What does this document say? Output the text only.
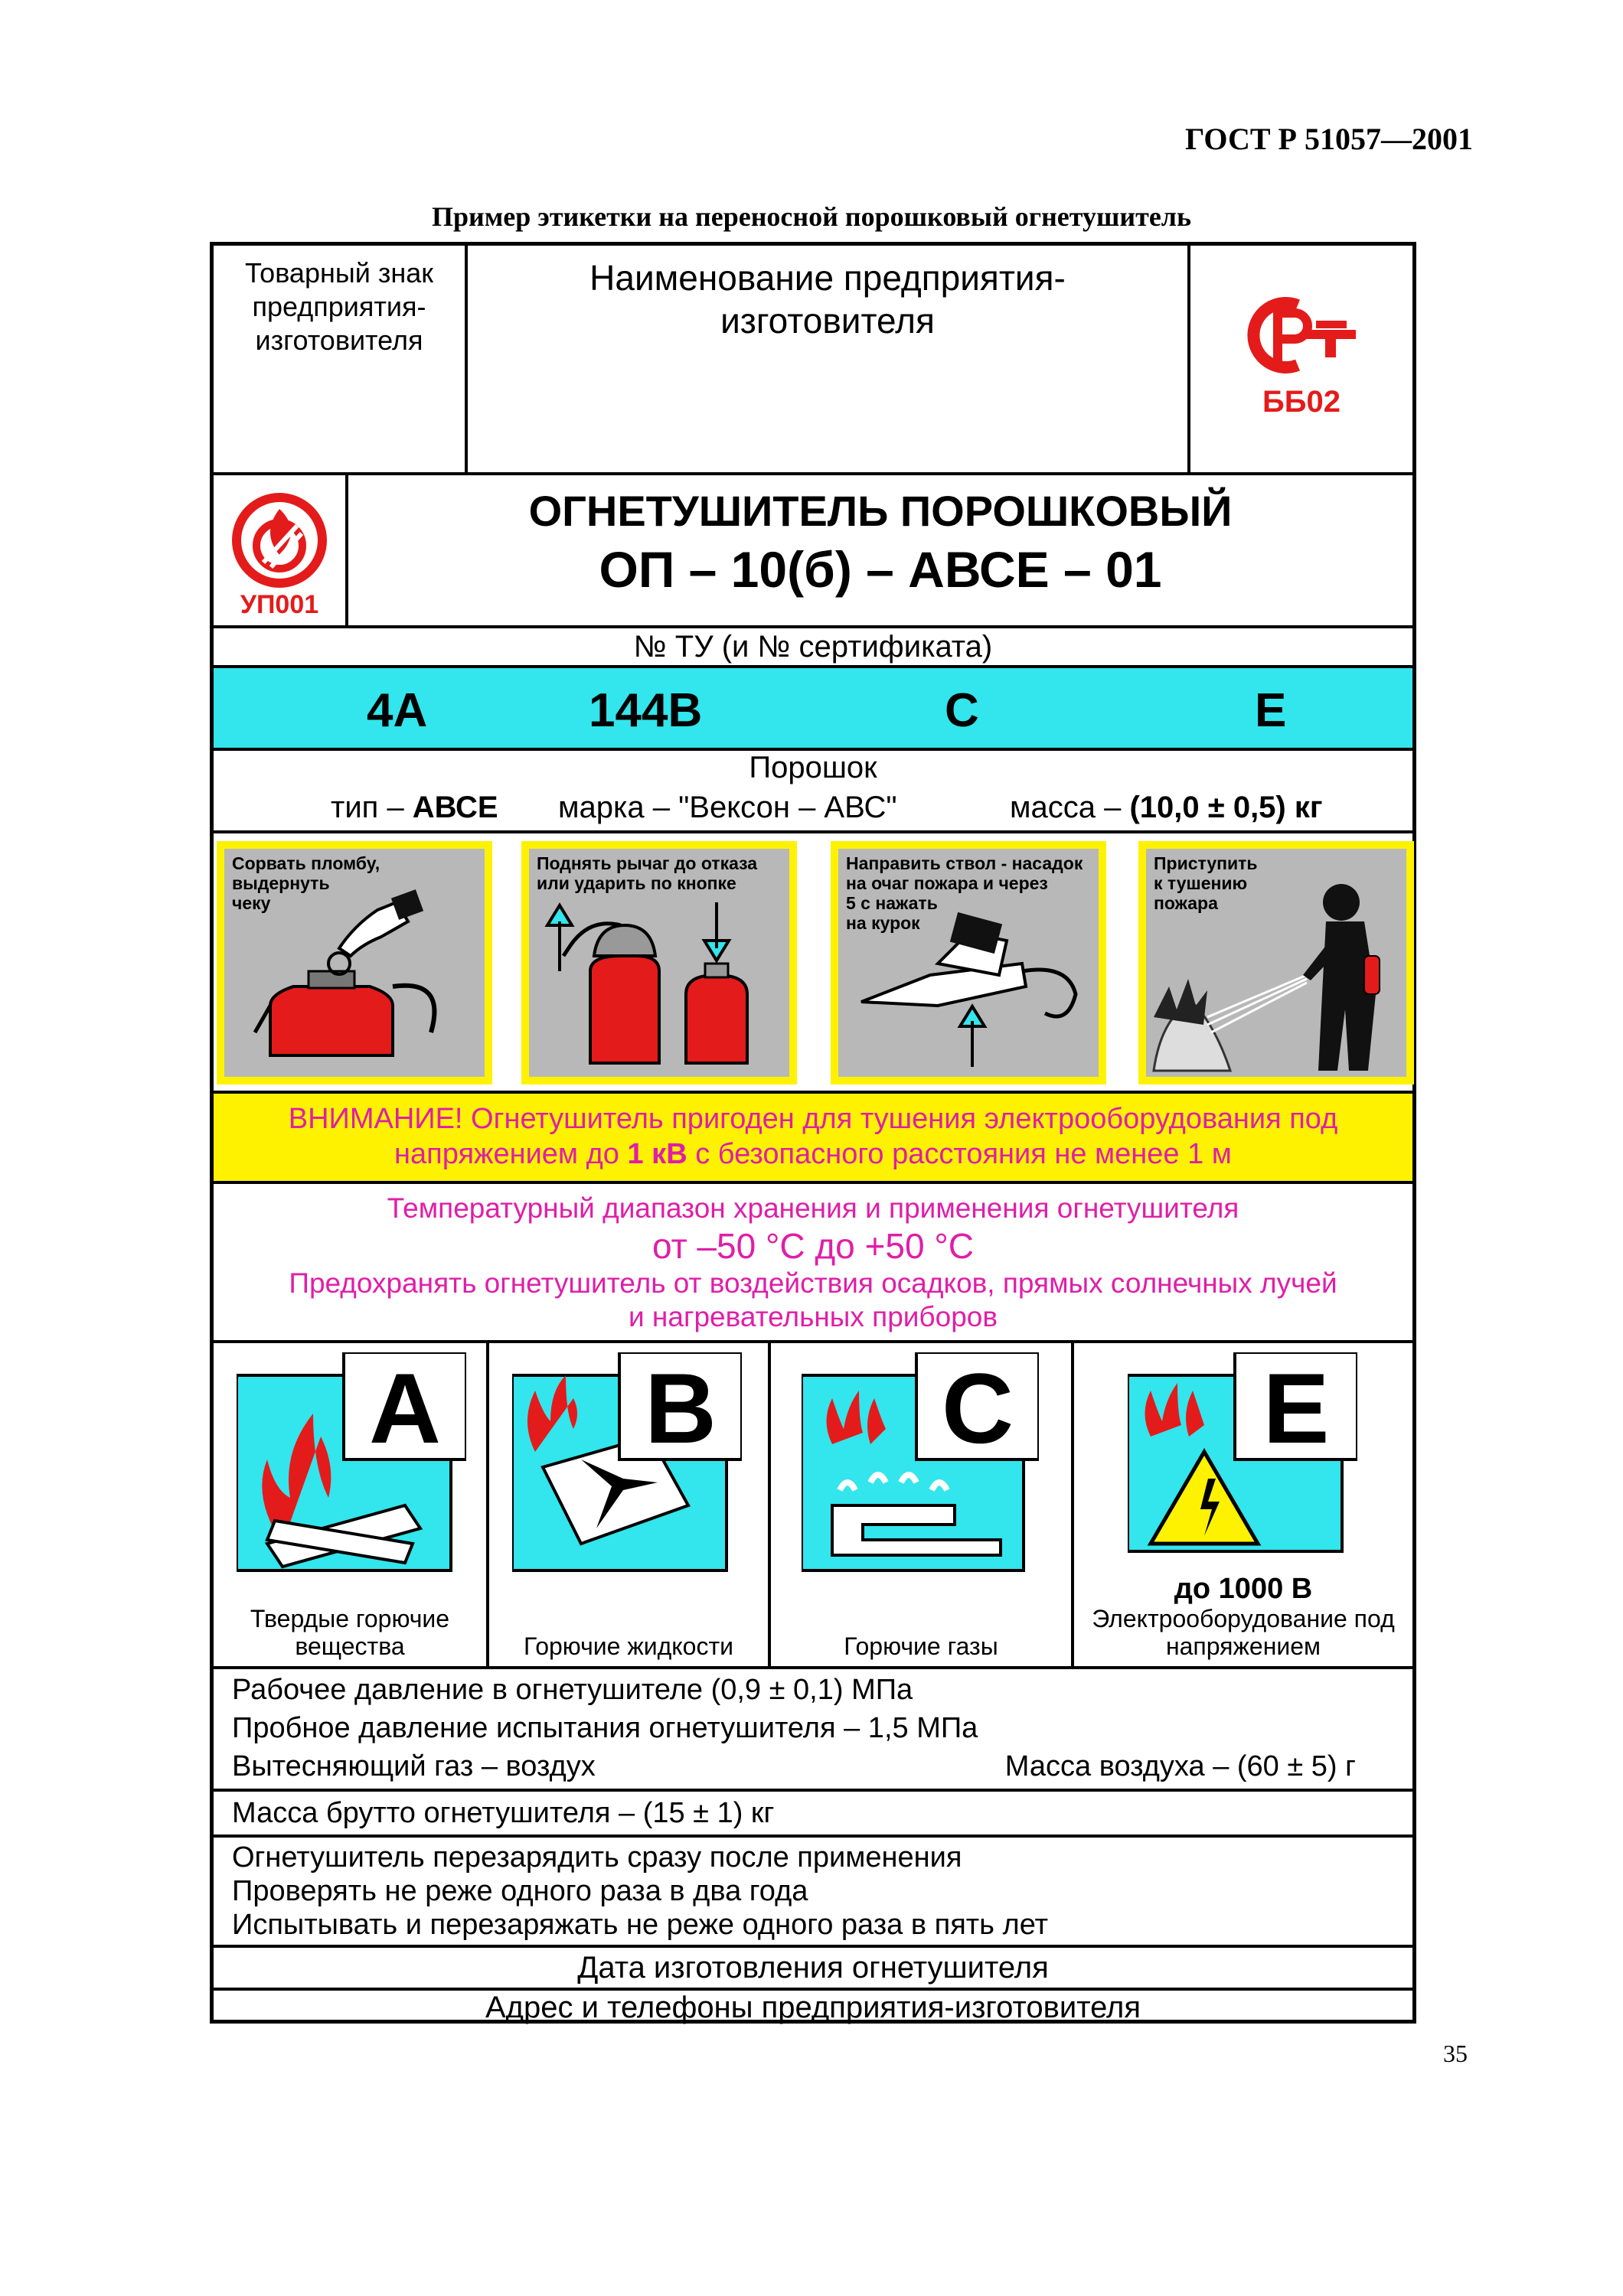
ГОСТ Р 51057—2001
Пример этикетки на переносной порошковый огнетушитель
Товарный знак
предприятия-
изготовителя
Наименование предприятия-
изготовителя
ББ02
УП001
ОГНЕТУШИТЕЛЬ ПОРОШКОВЫЙ
ОП – 10(б) – АВСЕ – 01
№ ТУ (и № сертификата)
4А	144В	С	Е
Порошок
тип – АВСЕ марка – "Вексон – АВС"	масса – (10,0 ± 0,5) кг
Сорвать пломбу,
выдернуть
чеку
Поднять рычаг до отказа
или ударить по кнопке
Направить ствол - насадок
на очаг пожара и через
5 с нажать
на курок
Приступить
к тушению
пожара
ВНИМАНИЕ! Огнетушитель пригоден для тушения электрооборудования под
напряжением до 1 кВ с безопасного расстояния не менее 1 м
Температурный диапазон хранения и применения огнетушителя
от –50 °С до +50 °С
Предохранять огнетушитель от воздействия осадков, прямых солнечных лучей
и нагревательных приборов
A
Твердые горючие
вещества
B
Горючие жидкости
C
Горючие газы
E
до 1000 В
Электрооборудование под
напряжением
Рабочее давление в огнетушителе (0,9 ± 0,1) МПа
Пробное давление испытания огнетушителя – 1,5 МПа
Вытесняющий газ – воздух	Масса воздуха – (60 ± 5) г
Масса брутто огнетушителя – (15 ± 1) кг
Огнетушитель перезарядить сразу после применения
Проверять не реже одного раза в два года
Испытывать и перезаряжать не реже одного раза в пять лет
Дата изготовления огнетушителя
Адрес и телефоны предприятия-изготовителя
35
